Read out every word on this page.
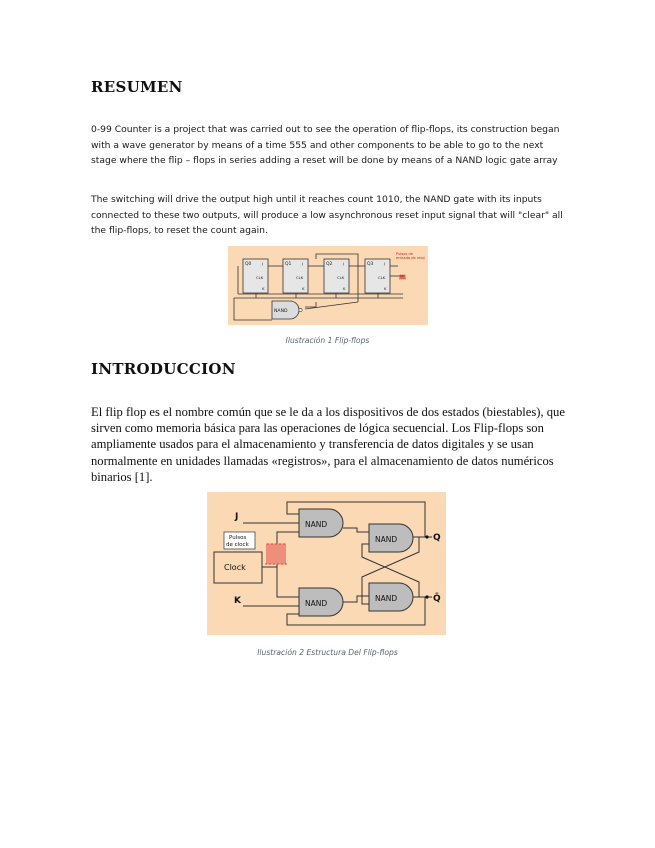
RESUMEN
0-99 Counter is a project that was carried out to see the operation of flip-flops, its construction began with a wave generator by means of a time 555 and other components to be able to go to the next stage where the flip – flops in series adding a reset will be done by means of a NAND logic gate array
The switching will drive the output high until it reaches count 1010, the NAND gate with its inputs connected to these two outputs, will produce a low asynchronous reset input signal that will "clear" all the flip-flops, to reset the count again.
NAND
Q0	Q1	Q2	Q3
CLK	CLK	CLK	CLK
K	K	K	K
J	J	J	J
Pulsos de entrada de reloj
Ilustración 1 Flip-flops
INTRODUCCION
El flip flop es el nombre común que se le da a los dispositivos de dos estados (biestables), que sirven como memoria básica para las operaciones de lógica secuencial. Los Flip-flops son ampliamente usados para el almacenamiento y transferencia de datos digitales y se usan normalmente en unidades llamadas «registros», para el almacenamiento de datos numéricos binarios [1].
NAND
NAND
NAND
NAND
J
K
Clock
Pulsos
de clock
Q
Q̄
Ilustración 2 Estructura Del Flip-flops
